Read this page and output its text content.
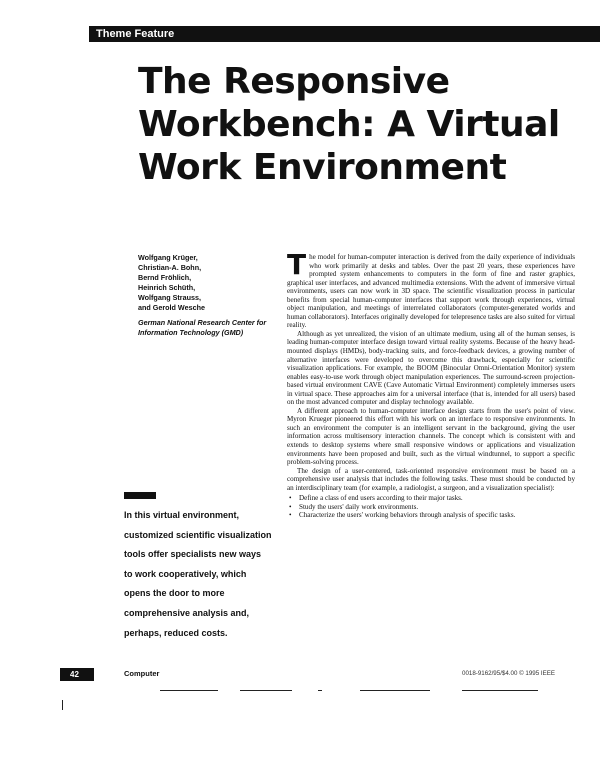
Theme Feature
The Responsive Workbench: A Virtual Work Environment
Wolfgang Krüger,
Christian-A. Bohn,
Bernd Fröhlich,
Heinrich Schüth,
Wolfgang Strauss,
and Gerold Wesche
German National Research Center for Information Technology (GMD)
In this virtual environment, customized scientific visualization tools offer specialists new ways to work cooperatively, which opens the door to more comprehensive analysis and, perhaps, reduced costs.

The model for human-computer interaction is derived from the daily experience of individuals who work primarily at desks and tables. Over the past 20 years, these experiences have prompted system enhancements to computers in the form of fine and raster graphics, graphical user interfaces, and advanced multimedia extensions. With the advent of immersive virtual environments, users can now work in 3D space. The scientific visualization process in particular benefits from special human-computer interfaces that support work through experiences, virtual object manipulation, and meetings of interrelated collaborators (computer-generated worlds and human collaborators). Interfaces originally developed for telepresence tasks are also suited for virtual reality.

Although as yet unrealized, the vision of an ultimate medium, using all of the human senses, is leading human-computer interface design toward virtual reality systems. Because of the heavy head-mounted displays (HMDs), body-tracking suits, and force-feedback devices, a growing number of alternative interfaces were developed to overcome this drawback, especially for scientific visualization applications. For example, the BOOM (Binocular Omni-Orientation Monitor) system enables easy-to-use work through object manipulation experiences. The surround-screen projection-based virtual environment CAVE (Cave Automatic Virtual Environment) completely immerses users in virtual space. These approaches aim for a universal interface (that is, intended for all users) based on the most advanced computer and display technology available.

A different approach to human-computer interface design starts from the user's point of view. Myron Krueger pioneered this effort with his work on an interface to responsive environments. In such an environment the computer is an intelligent servant in the background, giving the user information across multisensory interaction channels. The concept which is consistent with and extends to desktop systems where small responsive windows or applications and visualization environments have been proposed and built, such as the virtual windtunnel, to support a specific problem-solving process.

The design of a user-centered, task-oriented responsive environment must be based on a comprehensive user analysis that includes the following tasks. These must should be conducted by an interdisciplinary team (for example, a radiologist, a surgeon, and a visualization specialist):

• Define a class of end users according to their major tasks.
• Study the users' daily work environments.
• Characterize the users' working behaviors through analysis of specific tasks.
42	Computer	0018-9162/95/$4.00 © 1995 IEEE
